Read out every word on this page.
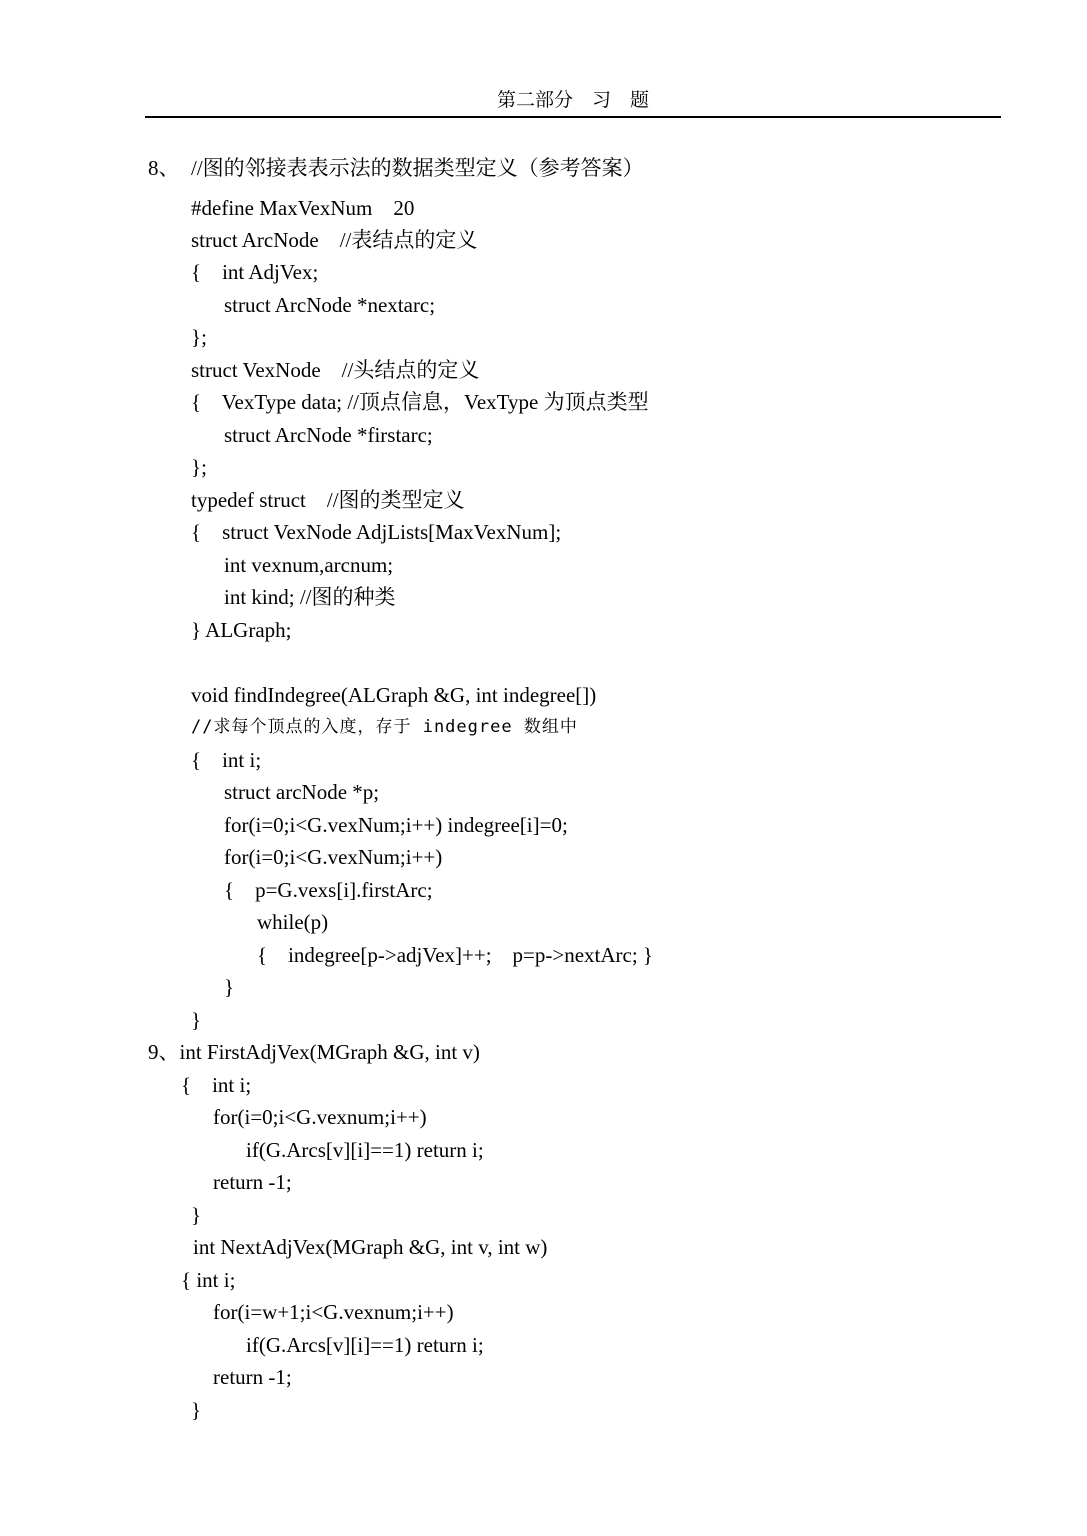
第二部分　习　题
8、 //图的邻接表表示法的数据类型定义（参考答案）
#define MaxVexNum    20
struct ArcNode    //表结点的定义
{    int AdjVex;
struct ArcNode *nextarc;
};
struct VexNode    //头结点的定义
{    VexType data; //顶点信息，VexType 为顶点类型
struct ArcNode *firstarc;
};
typedef struct    //图的类型定义
{    struct VexNode AdjLists[MaxVexNum];
int vexnum,arcnum;
int kind; //图的种类
} ALGraph;
void findIndegree(ALGraph &G, int indegree[])
//求每个顶点的入度，存于 indegree 数组中
{    int i;
struct arcNode *p;
for(i=0;i<G.vexNum;i++) indegree[i]=0;
for(i=0;i<G.vexNum;i++)
{    p=G.vexs[i].firstArc;
while(p)
{    indegree[p->adjVex]++;    p=p->nextArc; }
}
}
9、int FirstAdjVex(MGraph &G, int v)
{    int i;
for(i=0;i<G.vexnum;i++)
if(G.Arcs[v][i]==1) return i;
return -1;
}
int NextAdjVex(MGraph &G, int v, int w)
{ int i;
for(i=w+1;i<G.vexnum;i++)
if(G.Arcs[v][i]==1) return i;
return -1;
}
